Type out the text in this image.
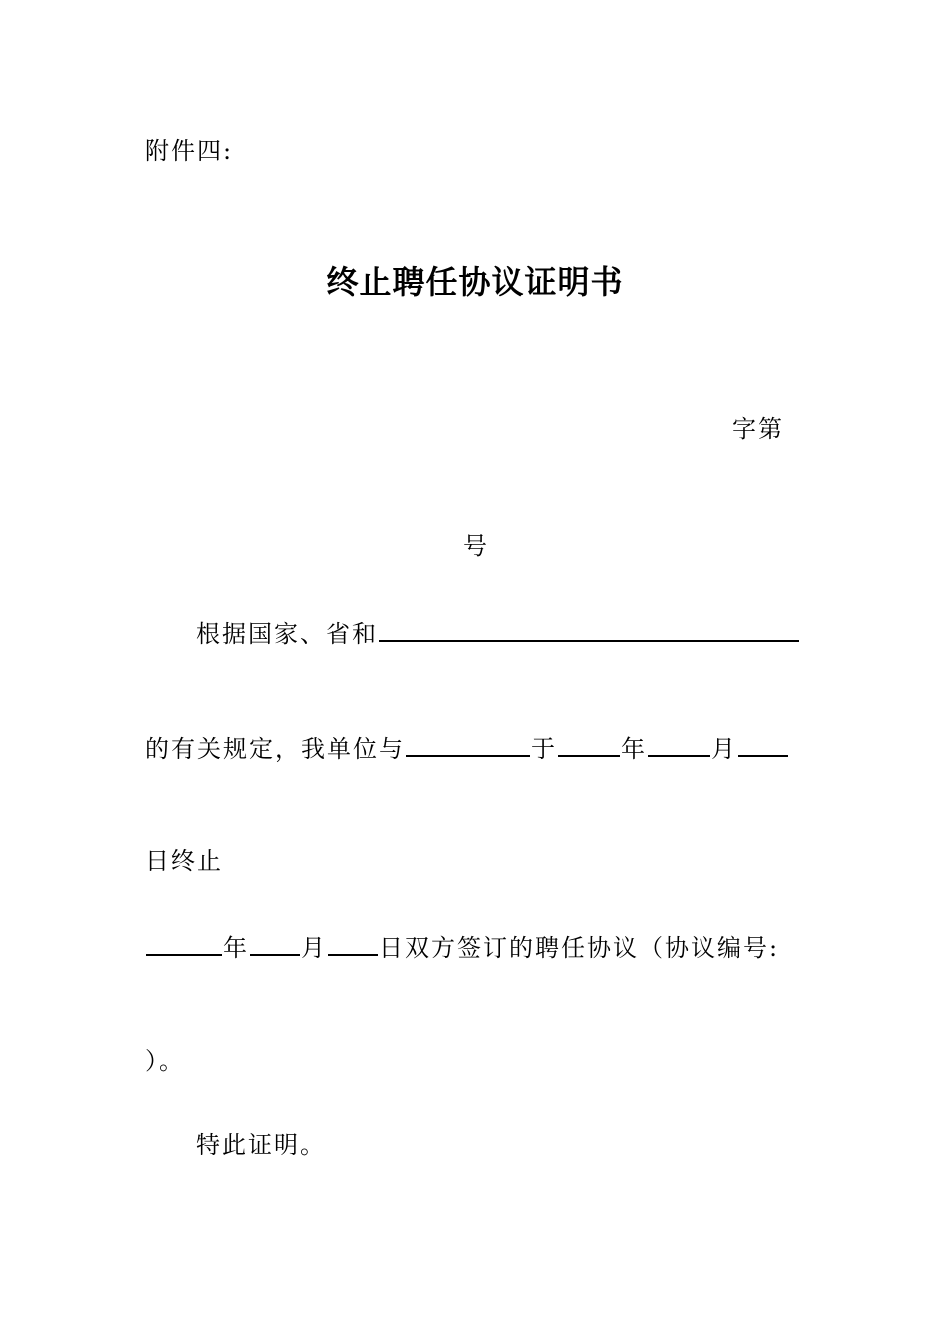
附件四:
终止聘任协议证明书
字第
号
根据国家、省和
的有关规定，我单位与	于	年	月
日终止
年 月 日双方签订的聘任协议（协议编号:
）。
特此证明。
